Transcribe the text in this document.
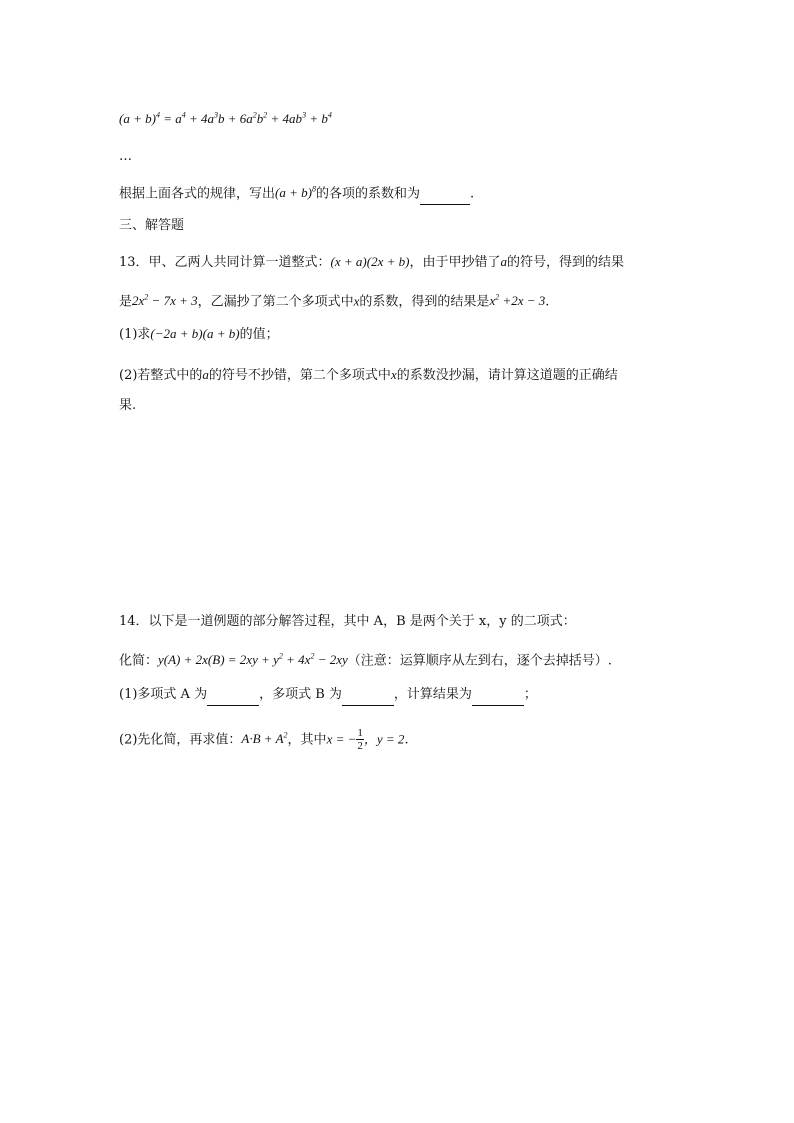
$(a + b)^4 = a^4 + 4a^3b + 6a^2b^2 + 4ab^3 + b^4$
…
根据上面各式的规律，写出$(a + b)^8$的各项的系数和为	.
三、解答题
13．甲、乙两人共同计算一道整式：(x + a)(2x + b)，由于甲抄错了a的符号，得到的结果
是$2x^2 - 7x + 3$，乙漏抄了第二个多项式中x的系数，得到的结果是$x^2 +2x - 3$.
(1)求(−2a + b)(a + b)的值；
(2)若整式中的a的符号不抄错，第二个多项式中x的系数没抄漏，请计算这道题的正确结
果.
14．以下是一道例题的部分解答过程，其中 A，B 是两个关于 x，y 的二项式：
化简：$y(A) + 2x(B) = 2xy + y^2 + 4x^2 - 2xy$（注意：运算顺序从左到右，逐个去掉括号）.
(1)多项式 A 为	，多项式 B 为	，计算结果为	；
(2)先化简，再求值：$A\cdot B + A^2$，其中x = − $\frac{1}{2}$ ，y = 2.
